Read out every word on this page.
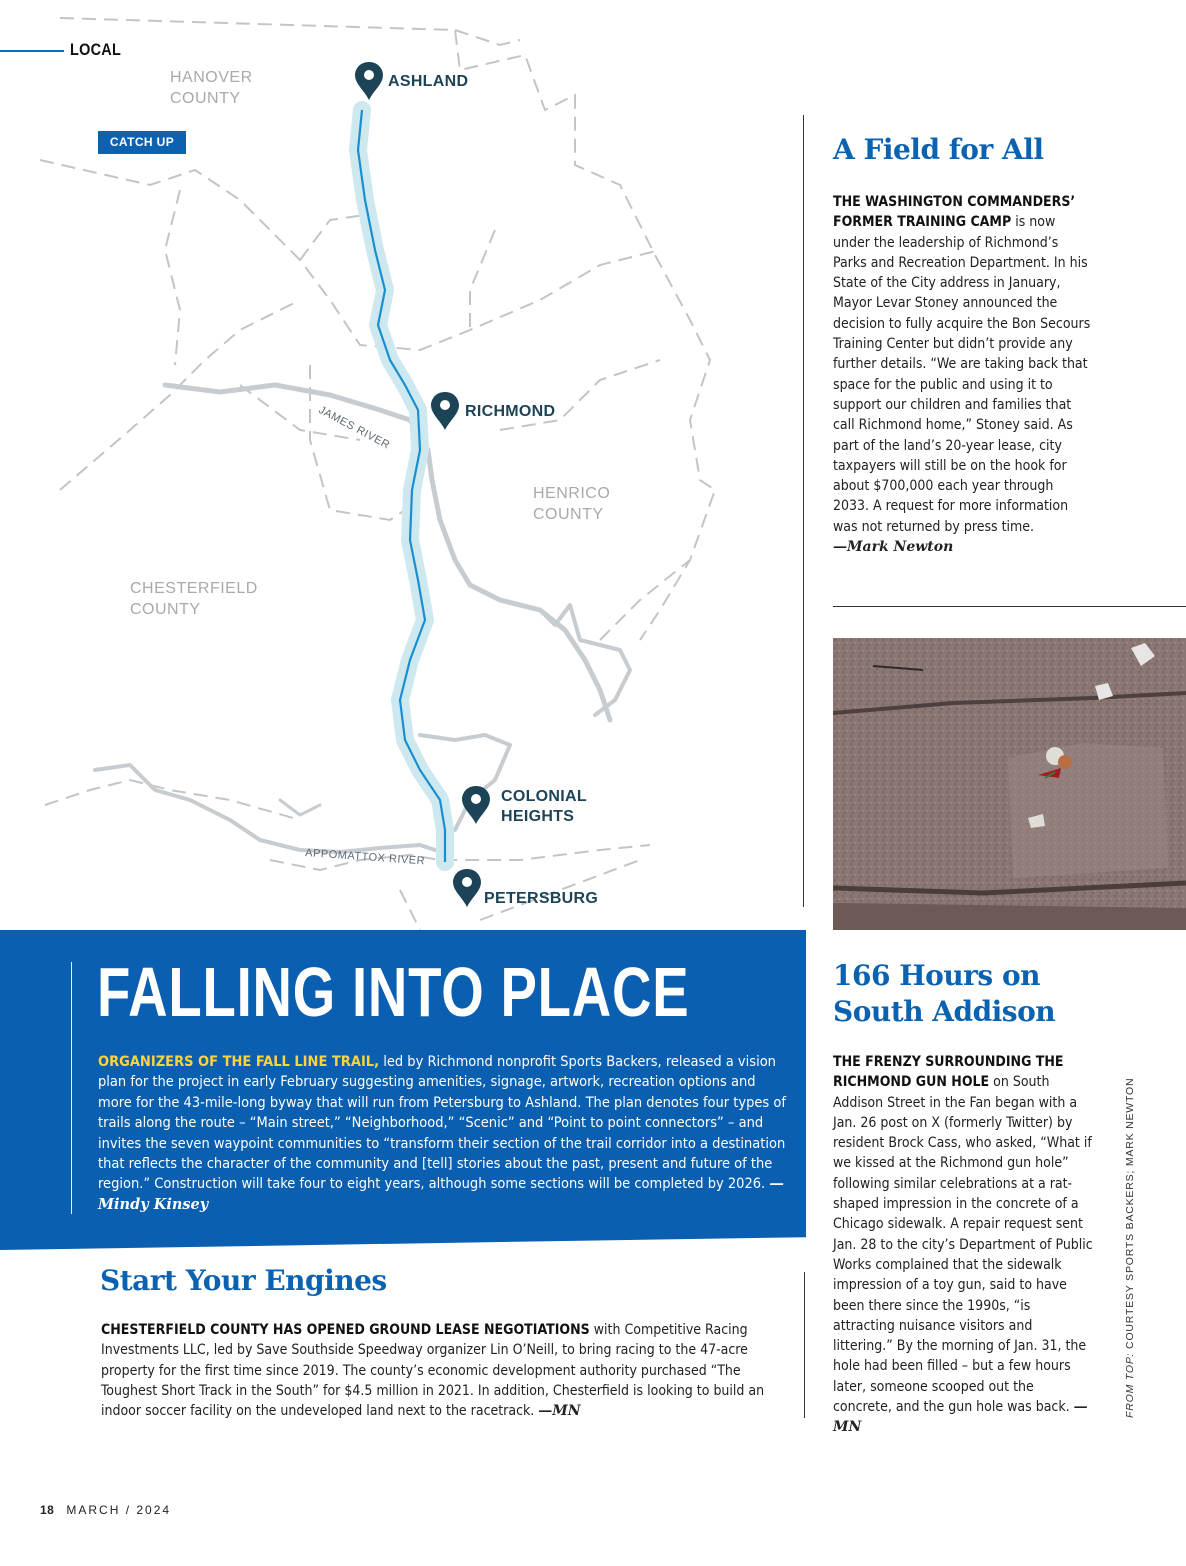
LOCAL
HANOVER
COUNTY
HENRICO
COUNTY
CHESTERFIELD
COUNTY
JAMES RIVER
APPOMATTOX RIVER
ASHLAND
RICHMOND
COLONIAL
HEIGHTS
PETERSBURG
CATCH UP
FALLING INTO PLACE
ORGANIZERS OF THE FALL LINE TRAIL, led by Richmond nonprofit Sports Backers, released a vision plan for the project in early February suggesting amenities, signage, artwork, recreation options and more for the 43-mile-long byway that will run from Petersburg to Ashland. The plan denotes four types of trails along the route – “Main street,” “Neighborhood,” “Scenic” and “Point to point connectors” – and invites the seven waypoint communities to “transform their section of the trail corridor into a destination that reflects the character of the community and [tell] stories about the past, present and future of the region.” Construction will take four to eight years, although some sections will be completed by 2026. —Mindy Kinsey
Start Your Engines
CHESTERFIELD COUNTY HAS OPENED GROUND LEASE NEGOTIATIONS with Competitive Racing Investments LLC, led by Save Southside Speedway organizer Lin O’Neill, to bring racing to the 47-acre property for the first time since 2019. The county’s economic development authority purchased “The Toughest Short Track in the South” for $4.5 million in 2021. In addition, Chesterfield is looking to build an indoor soccer facility on the undeveloped land next to the racetrack. —MN
A Field for All
THE WASHINGTON COMMANDERS’ FORMER TRAINING CAMP is now under the leadership of Richmond’s Parks and Recreation Department. In his State of the City address in January, Mayor Levar Stoney announced the decision to fully acquire the Bon Secours Training Center but didn’t provide any further details. “We are taking back that space for the public and using it to support our children and families that call Richmond home,” Stoney said. As part of the land’s 20-year lease, city taxpayers will still be on the hook for about $700,000 each year through 2033. A request for more information was not returned by press time.
—Mark Newton
166 Hours on
South Addison
THE FRENZY SURROUNDING THE RICHMOND GUN HOLE on South Addison Street in the Fan began with a Jan. 26 post on X (formerly Twitter) by resident Brock Cass, who asked, “What if we kissed at the Richmond gun hole” following similar celebrations at a rat-shaped impression in the concrete of a Chicago sidewalk. A repair request sent Jan. 28 to the city’s Department of Public Works complained that the sidewalk impression of a toy gun, said to have been there since the 1990s, “is attracting nuisance visitors and littering.” By the morning of Jan. 31, the hole had been filled – but a few hours later, someone scooped out the concrete, and the gun hole was back. —MN
FROM TOP: COURTESY SPORTS BACKERS; MARK NEWTON
18 MARCH / 2024
